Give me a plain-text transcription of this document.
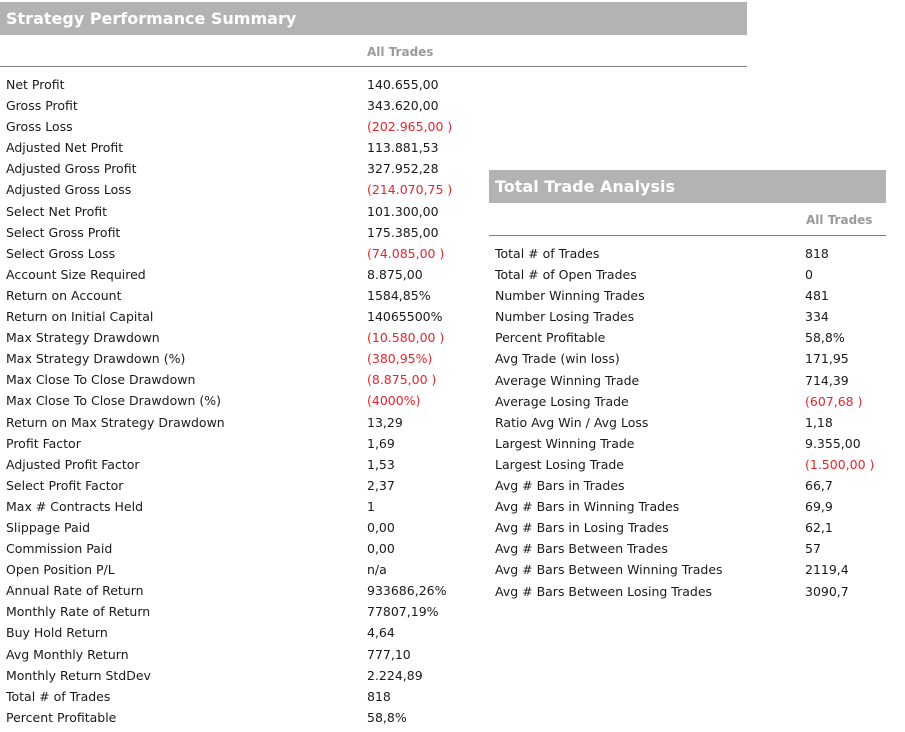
Strategy Performance Summary
All Trades
Net Profit	140.655,00
Gross Profit	343.620,00
Gross Loss	(202.965,00 )
Adjusted Net Profit	113.881,53
Adjusted Gross Profit	327.952,28
Adjusted Gross Loss	(214.070,75 )
Select Net Profit	101.300,00
Select Gross Profit	175.385,00
Select Gross Loss	(74.085,00 )
Account Size Required	8.875,00
Return on Account	1584,85%
Return on Initial Capital	14065500%
Max Strategy Drawdown	(10.580,00 )
Max Strategy Drawdown (%)	(380,95%)
Max Close To Close Drawdown	(8.875,00 )
Max Close To Close Drawdown (%)	(4000%)
Return on Max Strategy Drawdown	13,29
Profit Factor	1,69
Adjusted Profit Factor	1,53
Select Profit Factor	2,37
Max # Contracts Held	1
Slippage Paid	0,00
Commission Paid	0,00
Open Position P/L	n/a
Annual Rate of Return	933686,26%
Monthly Rate of Return	77807,19%
Buy Hold Return	4,64
Avg Monthly Return	777,10
Monthly Return StdDev	2.224,89
Total # of Trades	818
Percent Profitable	58,8%
Total Trade Analysis
All Trades
Total # of Trades	818
Total # of Open Trades	0
Number Winning Trades	481
Number Losing Trades	334
Percent Profitable	58,8%
Avg Trade (win loss)	171,95
Average Winning Trade	714,39
Average Losing Trade	(607,68 )
Ratio Avg Win / Avg Loss	1,18
Largest Winning Trade	9.355,00
Largest Losing Trade	(1.500,00 )
Avg # Bars in Trades	66,7
Avg # Bars in Winning Trades	69,9
Avg # Bars in Losing Trades	62,1
Avg # Bars Between Trades	57
Avg # Bars Between Winning Trades	2119,4
Avg # Bars Between Losing Trades	3090,7
